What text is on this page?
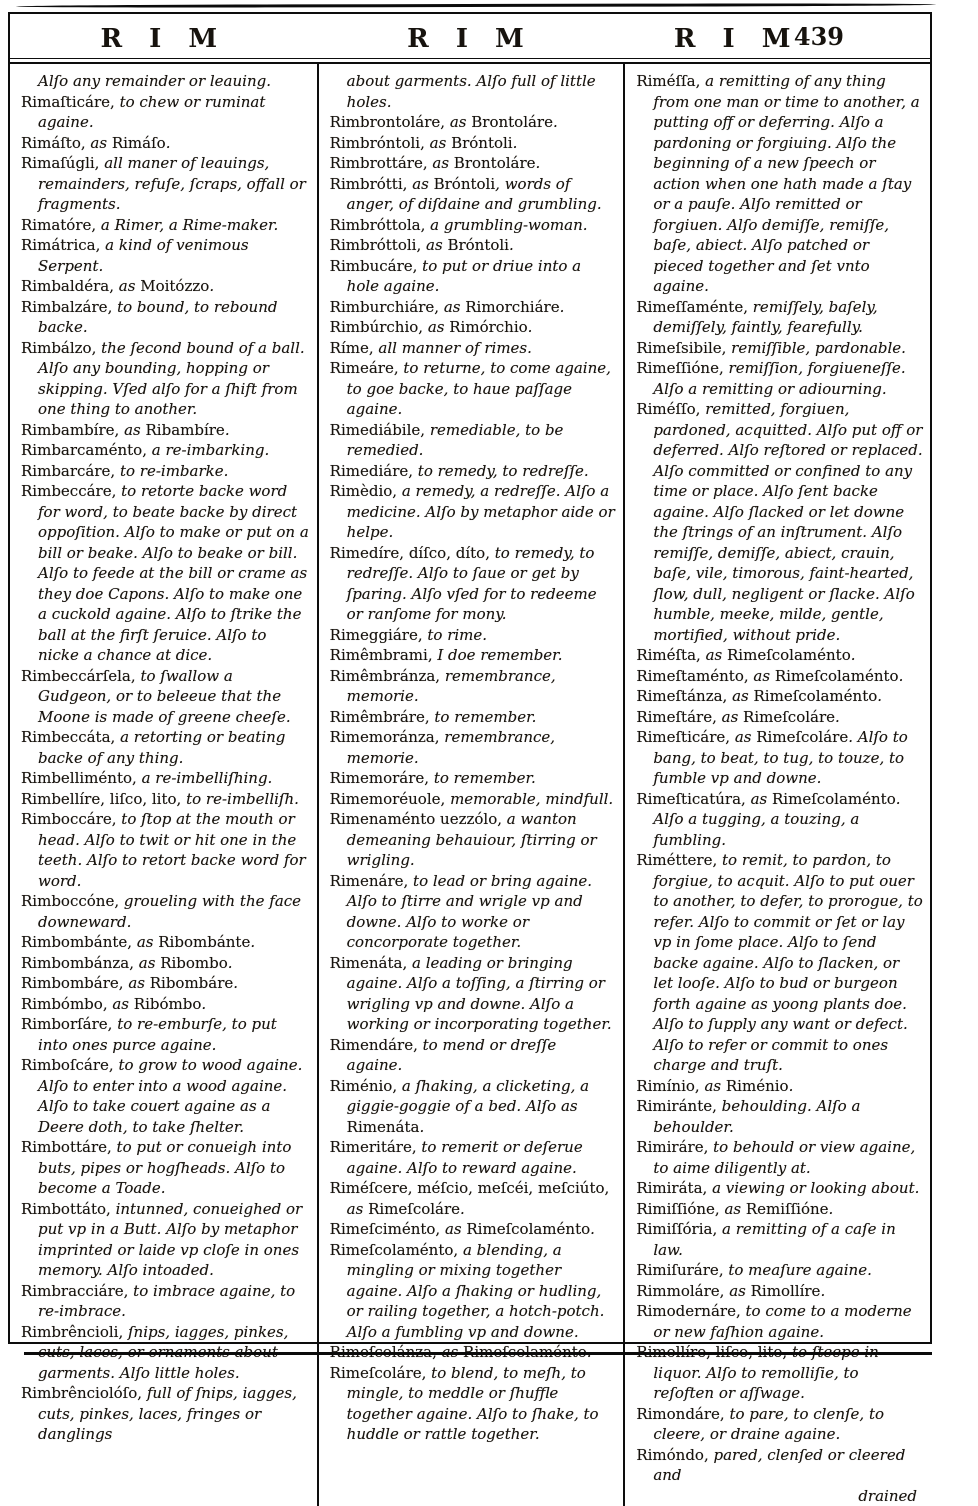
R I M	R I M	R I M
439
Alſo any remainder or leauing.
Rimaſticáre, to chew or ruminat againe.
Rimáſto, as Rimáſo.
Rimaſúgli, all maner of leauings, remainders, refuſe, ſcraps, offall or fragments.
Rimatóre, a Rimer, a Rime-maker.
Rimátrica, a kind of venimous Serpent.
Rimbaldéra, as Moitózzo.
Rimbalzáre, to bound, to rebound backe.
Rimbálzo, the ſecond bound of a ball. Alſo any bounding, hopping or skipping. Vſed alſo for a ſhift from one thing to another.
Rimbambíre, as Ribambíre.
Rimbarcaménto, a re-imbarking.
Rimbarcáre, to re-imbarke.
Rimbeccáre, to retorte backe word for word, to beate backe by direct oppoſition. Alſo to make or put on a bill or beake. Alſo to beake or bill. Alſo to feede at the bill or crame as they doe Capons. Alſo to make one a cuckold againe. Alſo to ſtrike the ball at the firſt ſeruice. Alſo to nicke a chance at dice.
Rimbeccárſela, to ſwallow a Gudgeon, or to beleeue that the Moone is made of greene cheeſe.
Rimbeccáta, a retorting or beating backe of any thing.
Rimbelliménto, a re-imbelliſhing.
Rimbellíre, liſco, lito, to re-imbelliſh.
Rimboccáre, to ſtop at the mouth or head. Alſo to twit or hit one in the teeth. Alſo to retort backe word for word.
Rimboccóne, groueling with the face downeward.
Rimbombánte, as Ribombánte.
Rimbombánza, as Ribombo.
Rimbombáre, as Ribombáre.
Rimbómbo, as Ribómbo.
Rimborſáre, to re-emburſe, to put into ones purce againe.
Rimboſcáre, to grow to wood againe. Alſo to enter into a wood againe. Alſo to take couert againe as a Deere doth, to take ſhelter.
Rimbottáre, to put or conueigh into buts, pipes or hogſheads. Alſo to become a Toade.
Rimbottáto, intunned, conueighed or put vp in a Butt. Alſo by metaphor imprinted or laide vp cloſe in ones memory. Alſo intoaded.
Rimbracciáre, to imbrace againe, to re-imbrace.
Rimbrêncioli, ſnips, iagges, pinkes, garments. Alſo little holes.
Rimbrênciolóſo, full of ſnips, iagges, cuts, pinkes, laces, fringes or danglings
about garments. Alſo full of little holes.
Rimbrontoláre, as Brontoláre.
Rimbróntoli, as Bróntoli.
Rimbrottáre, as Brontoláre.
Rimbrótti, as Bróntoli, words of anger, of diſdaine and grumbling.
Rimbróttola, a grumbling-woman.
Rimbróttoli, as Bróntoli.
Rimbucáre, to put or driue into a hole againe.
Rimburchiáre, as Rimorchiáre.
Rimbúrchio, as Rimórchio.
Ríme, all manner of rimes.
Rimeáre, to returne, to come againe, to goe backe, to haue paſſage againe.
Rimediábile, remediable, to be remedied.
Rimediáre, to remedy, to redreſſe.
Rimèdio, a remedy, a redreſſe. Alſo a medicine. Alſo by metaphor aide or helpe.
Rimedíre, díſco, díto, to remedy, to redreſſe. Alſo to ſaue or get by ſparing. Alſo vſed for to redeeme or ranſome for mony.
Rimeggiáre, to rime.
Rimêmbrami, I doe remember.
Rimêmbránza, remembrance, memorie.
Rimêmbráre, to remember.
Rimemoránza, remembrance, memorie.
Rimemoráre, to remember.
Rimemoréuole, memorable, mindfull.
Rimenaménto uezzólo, a wanton demeaning behauiour, ſtirring or wrigling.
Rimenáre, to lead or bring againe. Alſo to ſtirre and wrigle vp and downe. Alſo to worke or concorporate together.
Rimenáta, a leading or bringing againe. Alſo a toſſing, a ſtirring or wrigling vp and downe. Alſo a working or incorporating together.
Rimendáre, to mend or dreſſe againe.
Riménio, a ſhaking, a clicketing, a giggie-goggie of a bed. Alſo as Rimenáta.
Rimeritáre, to remerit or deſerue againe. Alſo to reward againe.
Riméſcere, méſcio, meſcéi, meſciúto, as Rimeſcoláre.
Rimeſciménto, as Rimeſcolaménto.
Rimeſcolaménto, a blending, a mingling or mixing together againe. Alſo a ſhaking or hudling, or railing together, a hotch-potch. Alſo a fumbling vp and downe.
Rimeſcoláre, to blend, to meſh, to mingle, to meddle or ſhuffle together againe. Alſo to ſhake, to huddle or rattle together.
Riméſſa, a remitting of any thing from one man or time to another, a putting off or deferring. Alſo a pardoning or forgiuing. Alſo the beginning of a new ſpeech or action when one hath made a ſtay or a pauſe. Alſo remitted or forgiuen. Alſo demiſſe, remiſſe, baſe, abiect. Alſo patched or pieced together and ſet vnto againe.
Rimeſſaménte, remiſſely, baſely, demiſſely, faintly, fearefully.
Rimeſsibile, remiſſible, pardonable.
Rimeſſióne, remiſſion, forgiueneſſe. Alſo a remitting or adiourning.
Riméſſo, remitted, forgiuen, pardoned, acquitted. Alſo put off or deferred. Alſo reſtored or replaced. Alſo committed or confined to any time or place. Alſo ſent backe againe. Alſo ſlacked or let downe the ſtrings of an inſtrument. Alſo remiſſe, demiſſe, abiect, crauin, baſe, vile, timorous, faint-hearted, ſlow, dull, negligent or ſlacke. Alſo humble, meeke, milde, gentle, mortified, without pride.
Riméſta, as Rimeſcolaménto.
Rimeſtaménto, as Rimeſcolaménto.
Rimeſtánza, as Rimeſcolaménto.
Rimeſtáre, as Rimeſcoláre.
Rimeſticáre, as Rimeſcoláre. Alſo to bang, to beat, to tug, to touze, to fumble vp and downe.
Rimeſticatúra, as Rimeſcolaménto. Alſo a tugging, a touzing, a fumbling.
Riméttere, to remit, to pardon, to forgiue, to acquit. Alſo to put ouer to another, to defer, to prorogue, to refer. Alſo to commit or ſet or lay vp in ſome place. Alſo to ſend backe againe. Alſo to ſlacken, or let looſe. Alſo to bud or burgeon forth againe as yoong plants doe. Alſo to ſupply any want or defect. Alſo to refer or commit to ones charge and truſt.
Rimínio, as Riménio.
Rimiránte, behoulding. Alſo a behoulder.
Rimiráre, to behould or view againe, to aime diligently at.
Rimiráta, a viewing or looking about.
Rimiſſióne, as Remiſſióne.
Rimiſſória, a remitting of a caſe in law.
Rimiſuráre, to meaſure againe.
Rimmoláre, as Rimollíre.
Rimodernáre, to come to a moderne or new faſhion againe.
liquor. Alſo to remolliſie, to reſoften or aſſwage.
Rimondáre, to pare, to clenſe, to cleere, or draine againe.
Rimóndo, pared, clenſed or cleered and
drained
